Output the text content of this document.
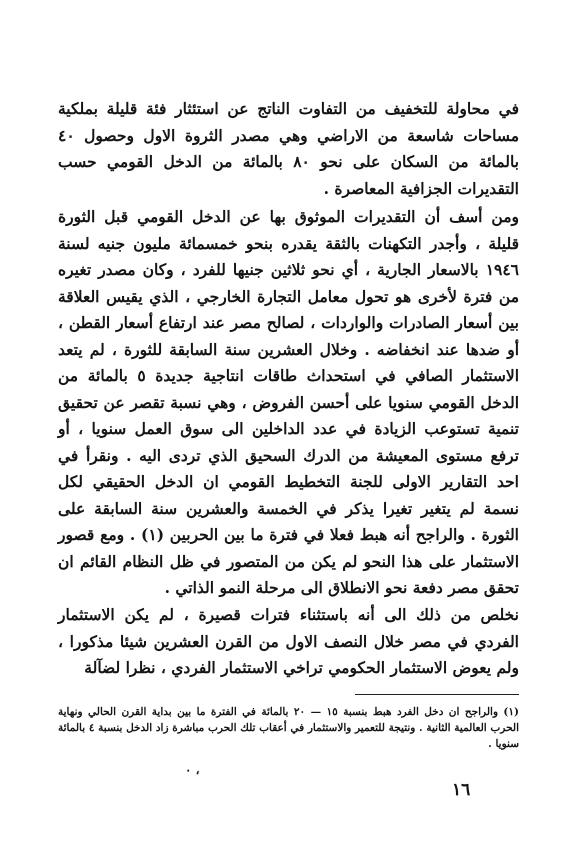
في محاولة للتخفيف من التفاوت الناتج عن استئثار فئة قليلة بملكية مساحات شاسعة من الاراضي وهي مصدر الثروة الاول وحصول ٤٠ بالمائة من السكان على نحو ٨٠ بالمائة من الدخل القومي حسب التقديرات الجزافية المعاصرة .

ومن أسف أن التقديرات الموثوق بها عن الدخل القومي قبل الثورة قليلة ، وأجدر التكهنات بالثقة يقدره بنحو خمسمائة مليون جنيه لسنة ١٩٤٦ بالاسعار الجارية ، أي نحو ثلاثين جنيها للفرد ، وكان مصدر تغيره من فترة لأخرى هو تحول معامل التجارة الخارجي ، الذي يقيس العلاقة بين أسعار الصادرات والواردات ، لصالح مصر عند ارتفاع أسعار القطن ، أو ضدها عند انخفاضه . وخلال العشرين سنة السابقة للثورة ، لم يتعد الاستثمار الصافي في استحداث طاقات انتاجية جديدة ٥ بالمائة من الدخل القومي سنويا على أحسن الفروض ، وهي نسبة تقصر عن تحقيق تنمية تستوعب الزيادة في عدد الداخلين الى سوق العمل سنويا ، أو ترفع مستوى المعيشة من الدرك السحيق الذي تردى اليه . ونقرأ في احد التقارير الاولى للجنة التخطيط القومي ان الدخل الحقيقي لكل نسمة لم يتغير تغيرا يذكر في الخمسة والعشرين سنة السابقة على الثورة . والراجح أنه هبط فعلا في فترة ما بين الحربين (١) . ومع قصور الاستثمار على هذا النحو لم يكن من المتصور في ظل النظام القائم ان تحقق مصر دفعة نحو الانطلاق الى مرحلة النمو الذاتي .

نخلص من ذلك الى أنه باستثناء فترات قصيرة ، لم يكن الاستثمار الفردي في مصر خلال النصف الاول من القرن العشرين شيئا مذكورا ، ولم يعوض الاستثمار الحكومي تراخي الاستثمار الفردي ، نظرا لضآلة

(١) والراجح ان دخل الفرد هبط بنسبة ١٥ — ٢٠ بالمائة في الفترة ما بين بداية القرن الحالي ونهاية الحرب العالمية الثانية . ونتيجة للتعمير والاستثمار في أعقاب تلك الحرب مباشرة زاد الدخل بنسبة ٤ بالمائة سنويا .

، ٠
١٦
